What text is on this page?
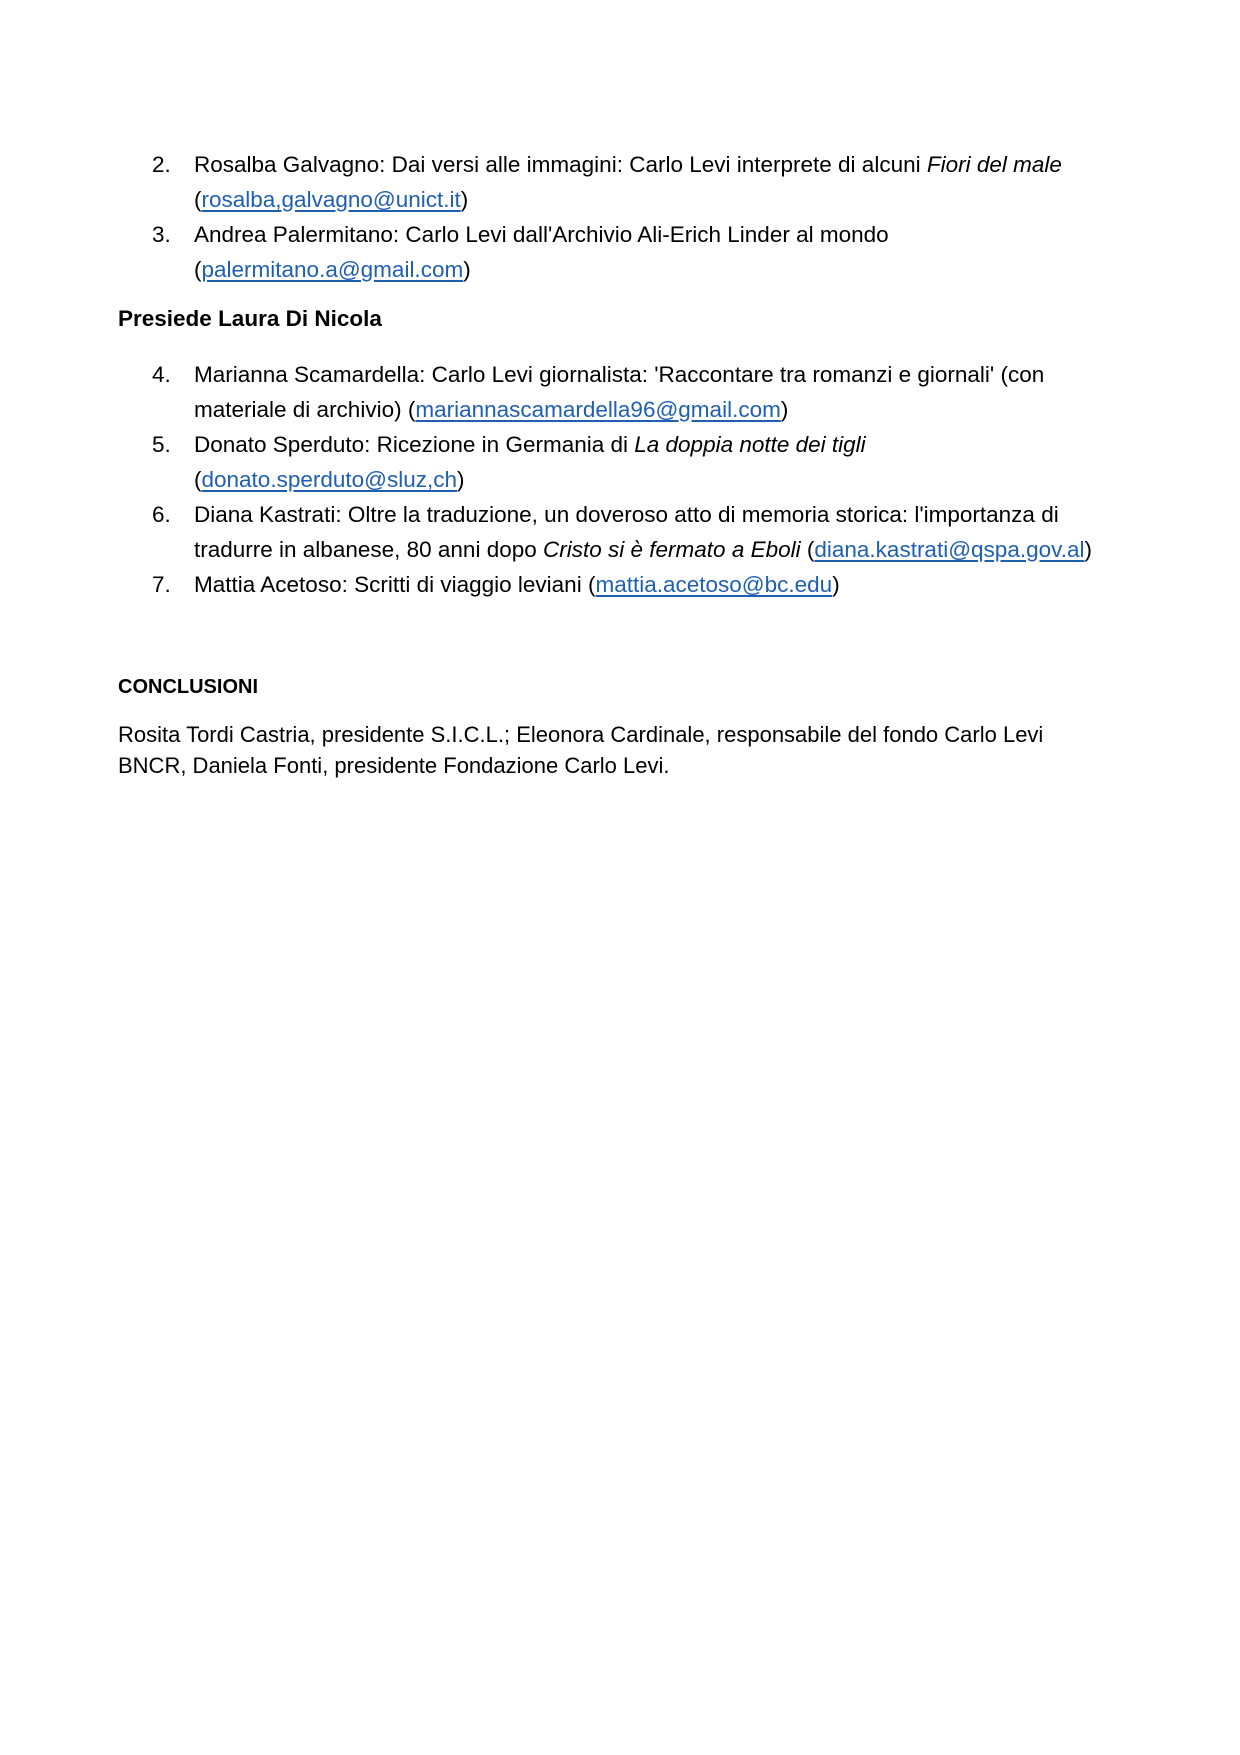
2.	Rosalba Galvagno: Dai versi alle immagini: Carlo Levi interprete di alcuni Fiori del male
(rosalba,galvagno@unict.it)
3.	Andrea Palermitano: Carlo Levi dall'Archivio Ali-Erich Linder al mondo
(palermitano.a@gmail.com)
Presiede Laura Di Nicola
4.	Marianna Scamardella: Carlo Levi giornalista: 'Raccontare tra romanzi e giornali' (con
materiale di archivio) (mariannascamardella96@gmail.com)
5.	Donato Sperduto: Ricezione in Germania di La doppia notte dei tigli
(donato.sperduto@sluz,ch)
6.	Diana Kastrati: Oltre la traduzione, un doveroso atto di memoria storica: l'importanza di
tradurre in albanese, 80 anni dopo Cristo si è fermato a Eboli (diana.kastrati@qspa.gov.al)
7.	Mattia Acetoso: Scritti di viaggio leviani (mattia.acetoso@bc.edu)
CONCLUSIONI
Rosita Tordi Castria, presidente S.I.C.L.; Eleonora Cardinale, responsabile del fondo Carlo Levi
BNCR, Daniela Fonti, presidente Fondazione Carlo Levi.
